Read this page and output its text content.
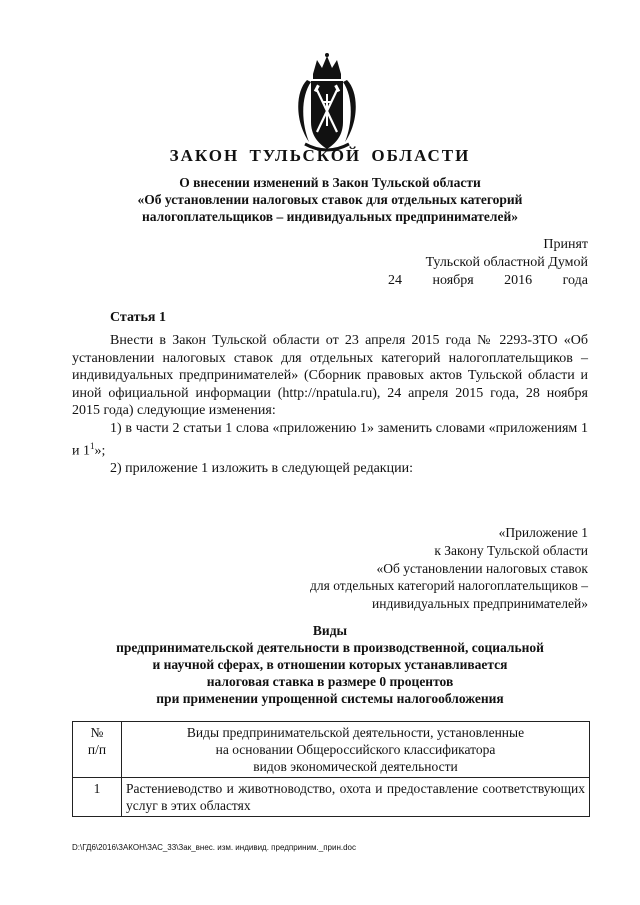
ЗАКОН ТУЛЬСКОЙ ОБЛАСТИ
О внесении изменений в Закон Тульской области
«Об установлении налоговых ставок для отдельных категорий
налогоплательщиков – индивидуальных предпринимателей»
Принят
Тульской областной Думой
24 ноября 2016 года
Статья 1

Внести в Закон Тульской области от 23 апреля 2015 года № 2293-ЗТО «Об установлении налоговых ставок для отдельных категорий налогоплательщиков – индивидуальных предпринимателей» (Сборник правовых актов Тульской области и иной официальной информации (http://npatula.ru), 24 апреля 2015 года, 28 ноября 2015 года) следующие изменения:

1) в части 2 статьи 1 слова «приложению 1» заменить словами «приложениям 1 и $1^1$»;

2) приложение 1 изложить в следующей редакции:

«Приложение 1
к Закону Тульской области
«Об установлении налоговых ставок
для отдельных категорий налогоплательщиков –
индивидуальных предпринимателей»
Виды
предпринимательской деятельности в производственной, социальной
и научной сферах, в отношении которых устанавливается
налоговая ставка в размере 0 процентов
при применении упрощенной системы налогообложения
№ п/п	Виды предпринимательской деятельности, установленные
на основании Общероссийского классификатора
видов экономической деятельности

1	Растениеводство и животноводство, охота и предоставление соответствующих услуг в этих областях
D:\ГД6\2016\ЗАКОН\ЗАС_33\Зак_внес. изм. индивид. предприним._прин.doc
